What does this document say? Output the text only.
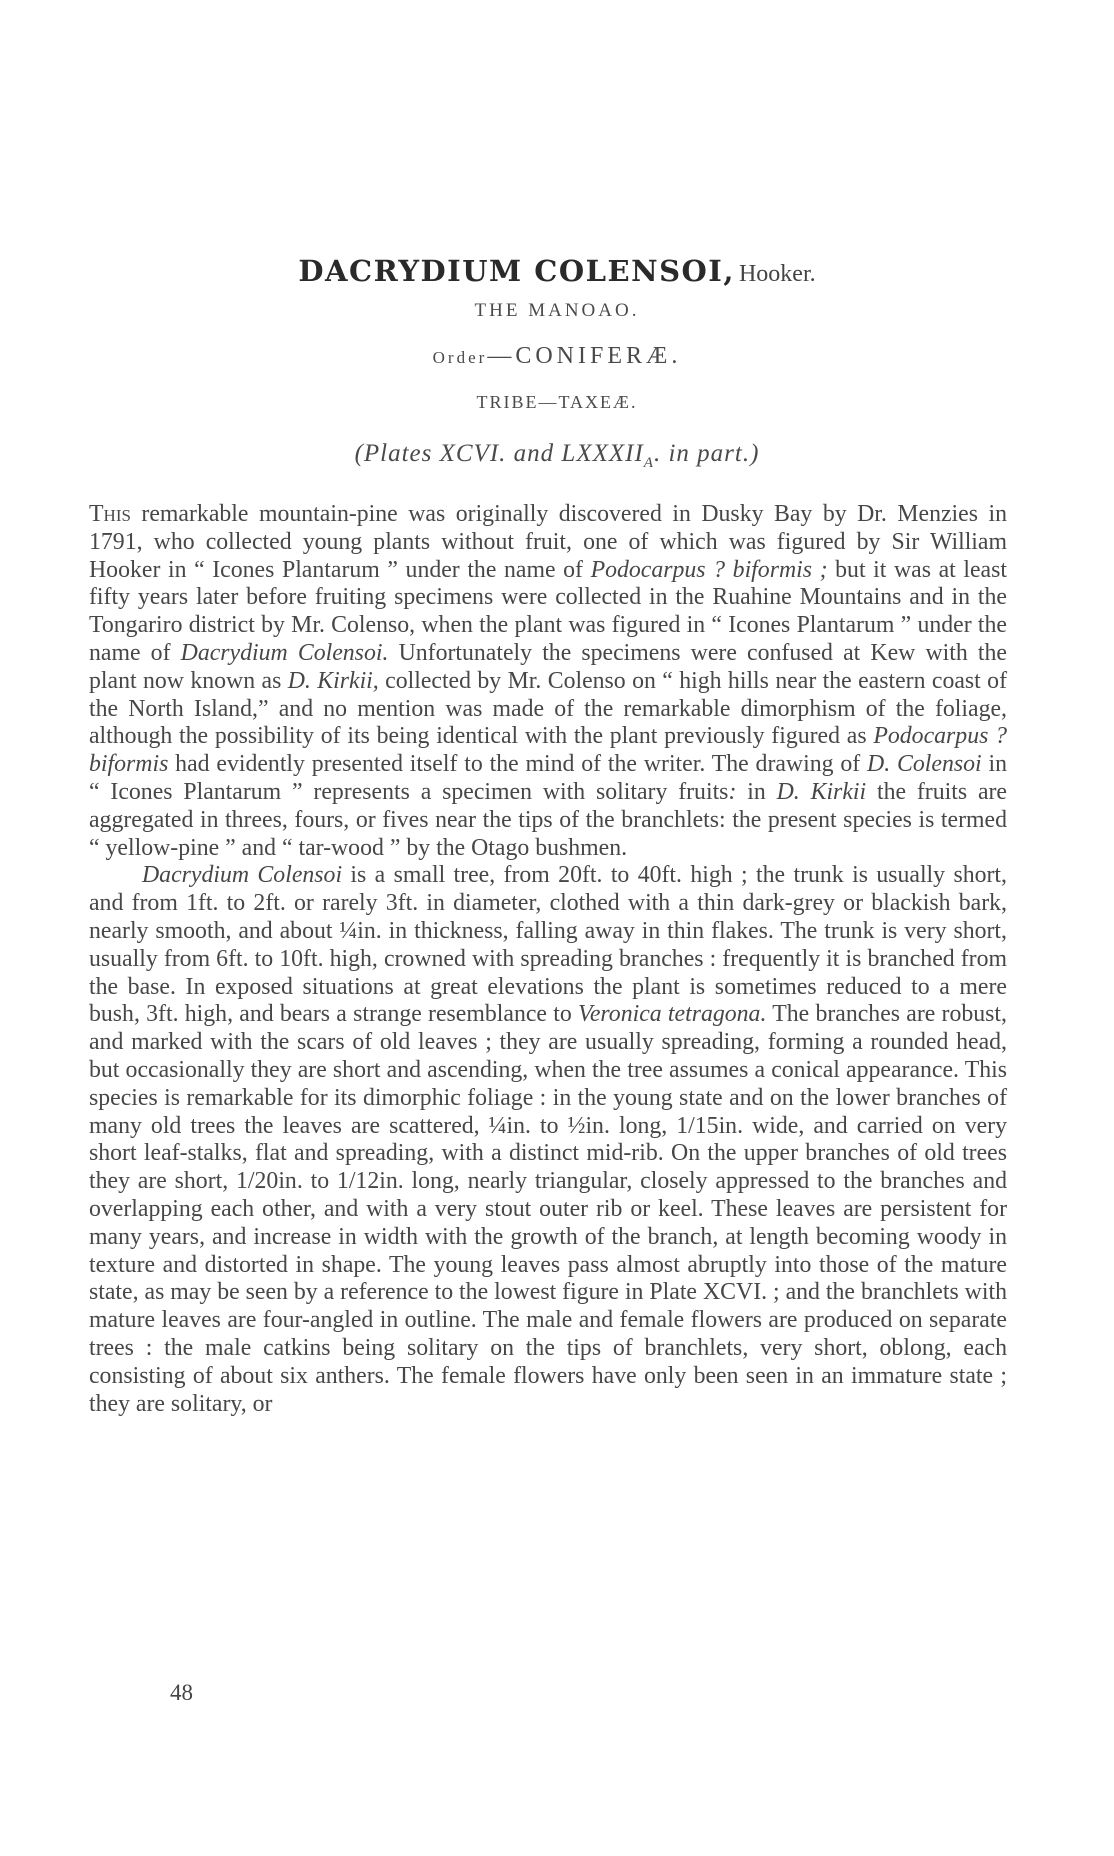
DACRYDIUM COLENSOI, Hooker.
THE MANOAO.
Order—CONIFERÆ.
TRIBE—TAXEÆ.
(Plates XCVI. and $LXXXII_A$. in part.)

This remarkable mountain-pine was originally discovered in Dusky Bay by Dr. Menzies in 1791, who collected young plants without fruit, one of which was figured by Sir William Hooker in “ Icones Plantarum ” under the name of Podocarpus ? biformis ; but it was at least fifty years later before fruiting specimens were collected in the Ruahine Mountains and in the Tongariro district by Mr. Colenso, when the plant was figured in “ Icones Plantarum ” under the name of Dacrydium Colensoi. Unfortunately the specimens were confused at Kew with the plant now known as D. Kirkii, collected by Mr. Colenso on “ high hills near the eastern coast of the North Island,” and no mention was made of the remarkable dimorphism of the foliage, although the possibility of its being identical with the plant previously figured as Podocarpus ? biformis had evidently presented itself to the mind of the writer. The drawing of D. Colensoi in “ Icones Plantarum ” represents a specimen with solitary fruits: in D. Kirkii the fruits are aggregated in threes, fours, or fives near the tips of the branchlets: the present species is termed “ yellow-pine ” and “ tar-wood ” by the Otago bushmen.

Dacrydium Colensoi is a small tree, from 20ft. to 40ft. high ; the trunk is usually short, and from 1ft. to 2ft. or rarely 3ft. in diameter, clothed with a thin dark-grey or blackish bark, nearly smooth, and about ¼in. in thickness, falling away in thin flakes. The trunk is very short, usually from 6ft. to 10ft. high, crowned with spreading branches : frequently it is branched from the base. In exposed situations at great elevations the plant is sometimes reduced to a mere bush, 3ft. high, and bears a strange resemblance to Veronica tetragona. The branches are robust, and marked with the scars of old leaves ; they are usually spreading, forming a rounded head, but occasionally they are short and ascending, when the tree assumes a conical appearance. This species is remarkable for its dimorphic foliage : in the young state and on the lower branches of many old trees the leaves are scattered, ¼in. to ½in. long, 1/15in. wide, and carried on very short leaf-stalks, flat and spreading, with a distinct mid-rib. On the upper branches of old trees they are short, 1/20in. to 1/12in. long, nearly triangular, closely appressed to the branches and overlapping each other, and with a very stout outer rib or keel. These leaves are persistent for many years, and increase in width with the growth of the branch, at length becoming woody in texture and distorted in shape. The young leaves pass almost abruptly into those of the mature state, as may be seen by a reference to the lowest figure in Plate XCVI. ; and the branchlets with mature leaves are four-angled in outline. The male and female flowers are produced on separate trees : the male catkins being solitary on the tips of branchlets, very short, oblong, each consisting of about six anthers. The female flowers have only been seen in an immature state ; they are solitary, or

48
